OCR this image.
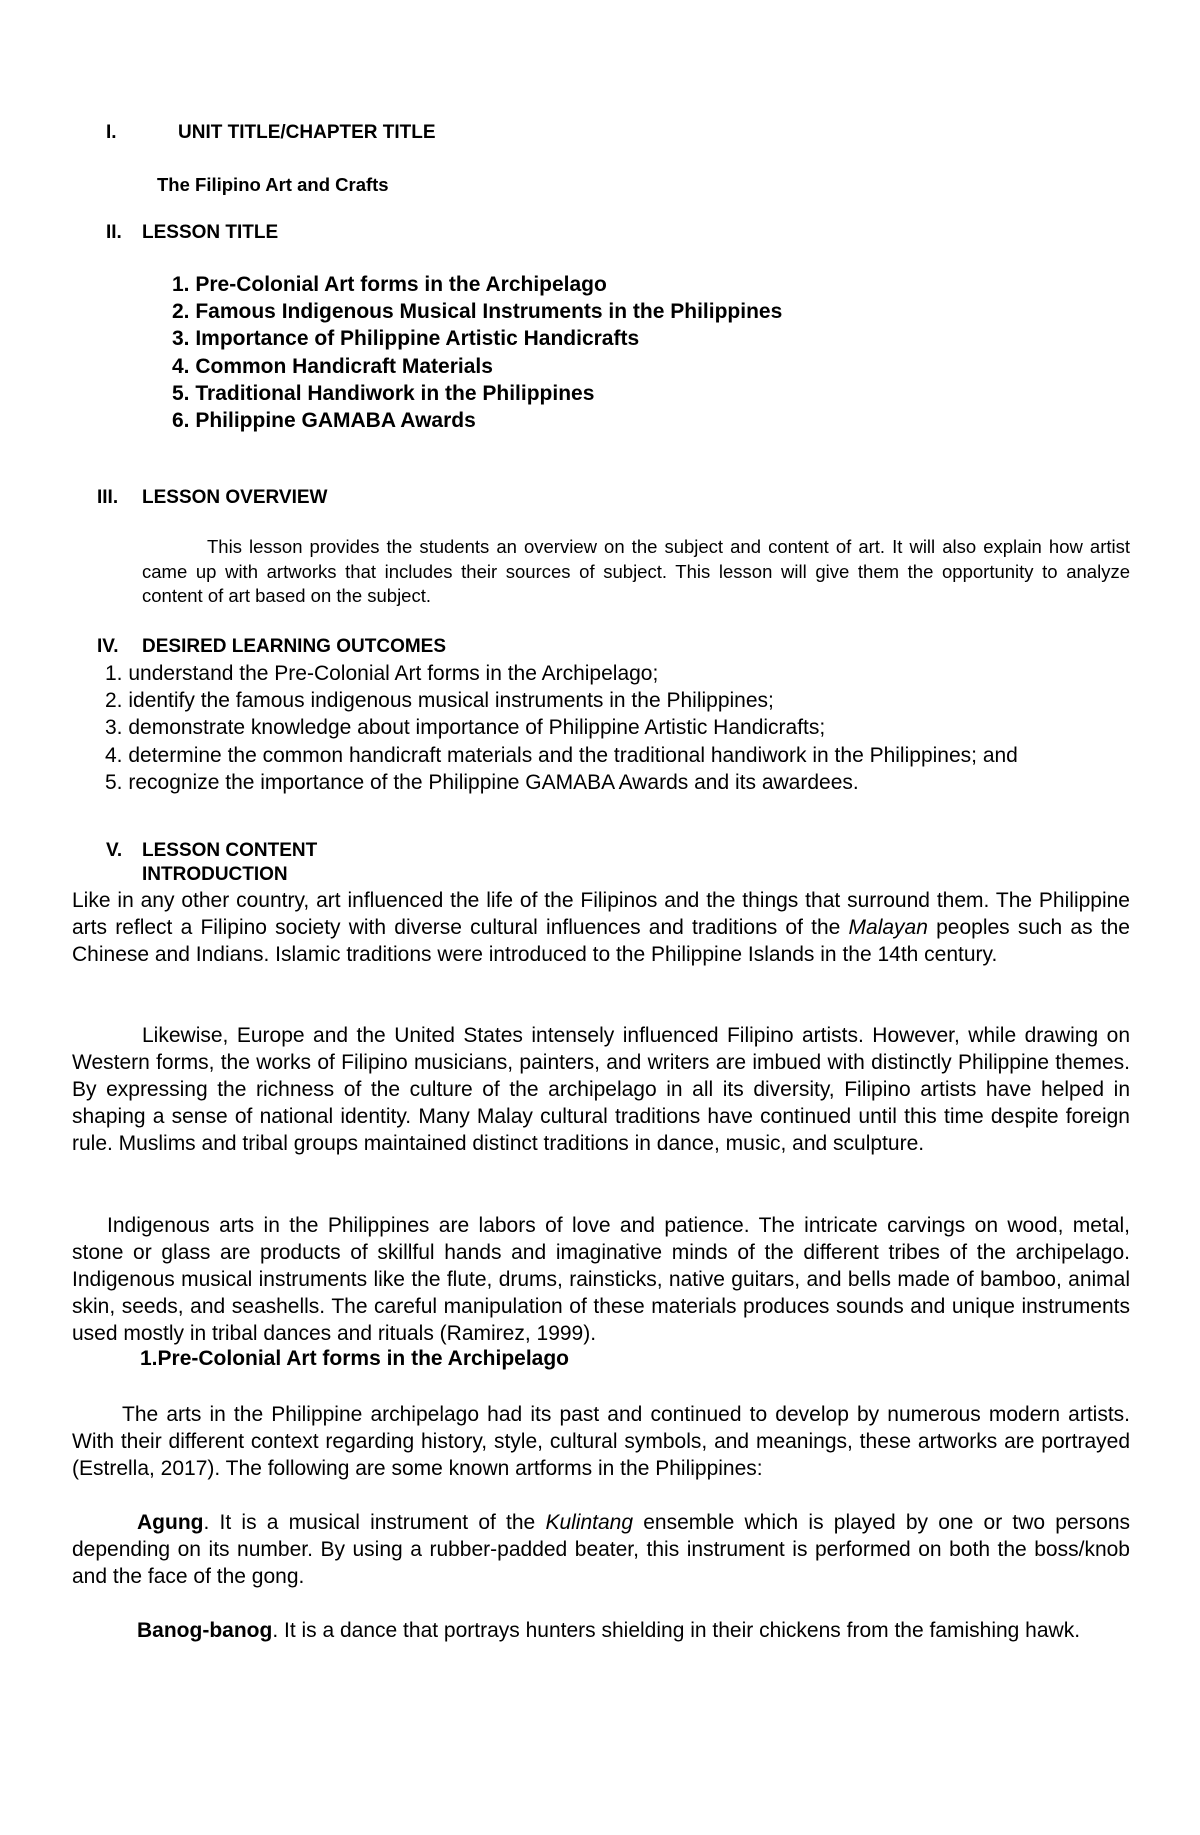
I.	UNIT TITLE/CHAPTER TITLE
The Filipino Art and Crafts
II. LESSON TITLE
1. Pre-Colonial Art forms in the Archipelago
2. Famous Indigenous Musical Instruments in the Philippines
3. Importance of Philippine Artistic Handicrafts
4. Common Handicraft Materials
5. Traditional Handiwork in the Philippines
6. Philippine GAMABA Awards
III. LESSON OVERVIEW

This lesson provides the students an overview on the subject and content of art. It will also explain how artist came up with artworks that includes their sources of subject. This lesson will give them the opportunity to analyze content of art based on the subject.

IV. DESIRED LEARNING OUTCOMES
1. understand the Pre-Colonial Art forms in the Archipelago;
2. identify the famous indigenous musical instruments in the Philippines;
3. demonstrate knowledge about importance of Philippine Artistic Handicrafts;
4. determine the common handicraft materials and the traditional handiwork in the Philippines; and
5. recognize the importance of the Philippine GAMABA Awards and its awardees.
V. LESSON CONTENT
INTRODUCTION

Like in any other country, art influenced the life of the Filipinos and the things that surround them. The Philippine arts reflect a Filipino society with diverse cultural influences and traditions of the Malayan peoples such as the Chinese and Indians. Islamic traditions were introduced to the Philippine Islands in the 14th century.

Likewise, Europe and the United States intensely influenced Filipino artists. However, while drawing on Western forms, the works of Filipino musicians, painters, and writers are imbued with distinctly Philippine themes. By expressing the richness of the culture of the archipelago in all its diversity, Filipino artists have helped in shaping a sense of national identity. Many Malay cultural traditions have continued until this time despite foreign rule. Muslims and tribal groups maintained distinct traditions in dance, music, and sculpture.

Indigenous arts in the Philippines are labors of love and patience. The intricate carvings on wood, metal, stone or glass are products of skillful hands and imaginative minds of the different tribes of the archipelago. Indigenous musical instruments like the flute, drums, rainsticks, native guitars, and bells made of bamboo, animal skin, seeds, and seashells. The careful manipulation of these materials produces sounds and unique instruments used mostly in tribal dances and rituals (Ramirez, 1999).

1.Pre-Colonial Art forms in the Archipelago

The arts in the Philippine archipelago had its past and continued to develop by numerous modern artists. With their different context regarding history, style, cultural symbols, and meanings, these artworks are portrayed (Estrella, 2017). The following are some known artforms in the Philippines:

Agung. It is a musical instrument of the Kulintang ensemble which is played by one or two persons depending on its number. By using a rubber-padded beater, this instrument is performed on both the boss/knob and the face of the gong.

Banog-banog. It is a dance that portrays hunters shielding in their chickens from the famishing hawk.
